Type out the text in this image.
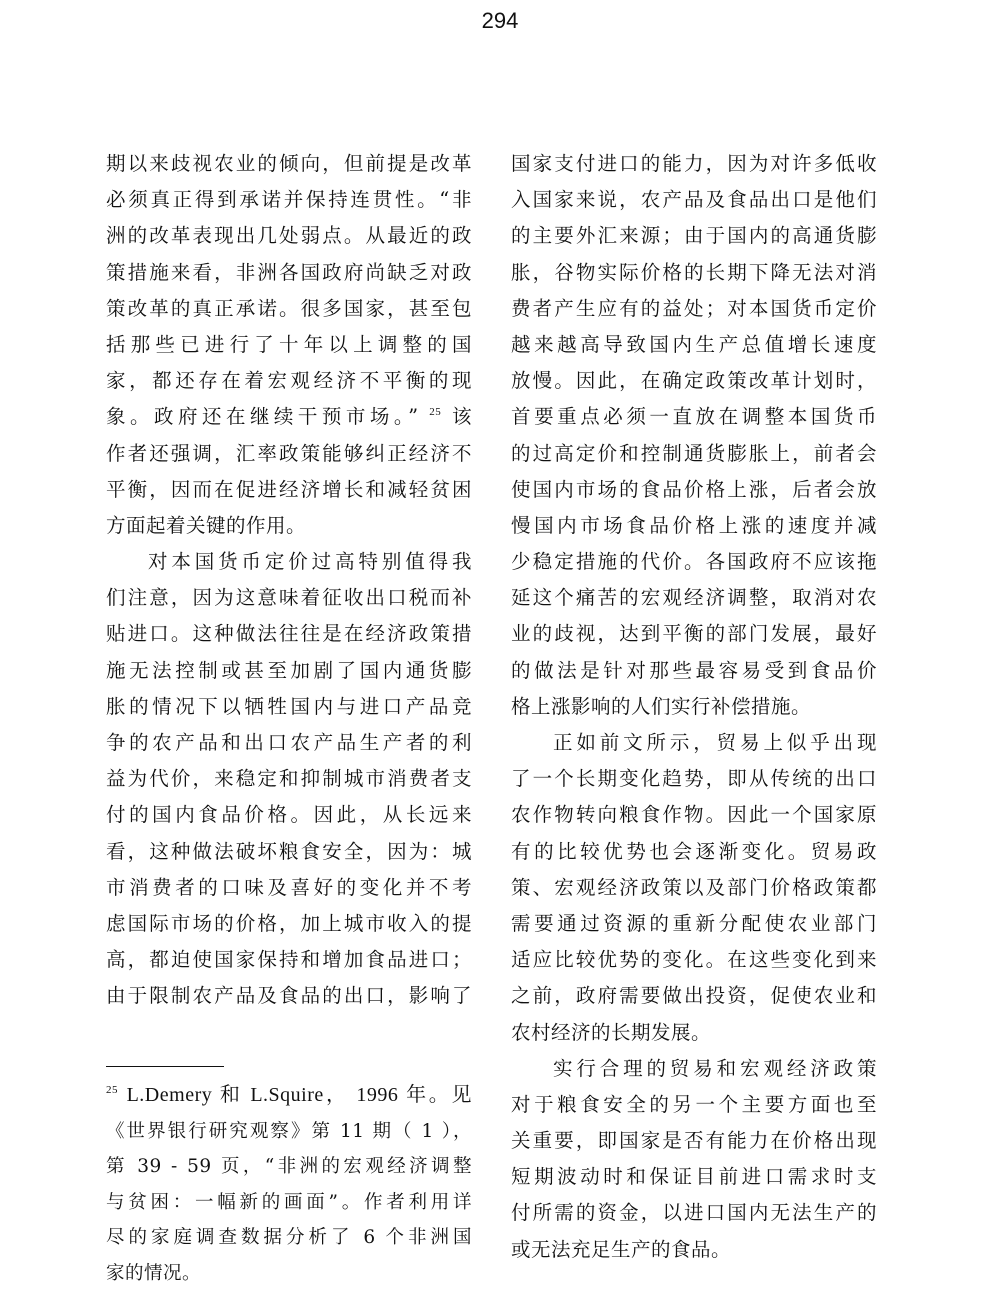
294
期以来歧视农业的倾向，但前提是改革
必须真正得到承诺并保持连贯性。“非
洲的改革表现出几处弱点。从最近的政
策措施来看，非洲各国政府尚缺乏对政
策改革的真正承诺。很多国家，甚至包
括那些已进行了十年以上调整的国
家，都还存在着宏观经济不平衡的现
象。政府还在继续干预市场。” $^{25}$ 该
作者还强调，汇率政策能够纠正经济不
平衡，因而在促进经济增长和减轻贫困
方面起着关键的作用。
对本国货币定价过高特别值得我
们注意，因为这意味着征收出口税而补
贴进口。这种做法往往是在经济政策措
施无法控制或甚至加剧了国内通货膨
胀的情况下以牺牲国内与进口产品竞
争的农产品和出口农产品生产者的利
益为代价，来稳定和抑制城市消费者支
付的国内食品价格。因此，从长远来
看，这种做法破坏粮食安全，因为：城
市消费者的口味及喜好的变化并不考
虑国际市场的价格，加上城市收入的提
高，都迫使国家保持和增加食品进口；
由于限制农产品及食品的出口，影响了
$^{25}$ L.Demery 和 L.Squire， 1996 年。见
《世界银行研究观察》第 11 期（ 1 ），
第 39 - 59 页，“非洲的宏观经济调整
与贫困：一幅新的画面”。作者利用详
尽的家庭调查数据分析了 6 个非洲国
家的情况。
国家支付进口的能力，因为对许多低收
入国家来说，农产品及食品出口是他们
的主要外汇来源；由于国内的高通货膨
胀，谷物实际价格的长期下降无法对消
费者产生应有的益处；对本国货币定价
越来越高导致国内生产总值增长速度
放慢。因此，在确定政策改革计划时，
首要重点必须一直放在调整本国货币
的过高定价和控制通货膨胀上，前者会
使国内市场的食品价格上涨，后者会放
慢国内市场食品价格上涨的速度并减
少稳定措施的代价。各国政府不应该拖
延这个痛苦的宏观经济调整，取消对农
业的歧视，达到平衡的部门发展，最好
的做法是针对那些最容易受到食品价
格上涨影响的人们实行补偿措施。
正如前文所示，贸易上似乎出现
了一个长期变化趋势，即从传统的出口
农作物转向粮食作物。因此一个国家原
有的比较优势也会逐渐变化。贸易政
策、宏观经济政策以及部门价格政策都
需要通过资源的重新分配使农业部门
适应比较优势的变化。在这些变化到来
之前，政府需要做出投资，促使农业和
农村经济的长期发展。
实行合理的贸易和宏观经济政策
对于粮食安全的另一个主要方面也至
关重要，即国家是否有能力在价格出现
短期波动时和保证目前进口需求时支
付所需的资金，以进口国内无法生产的
或无法充足生产的食品。
